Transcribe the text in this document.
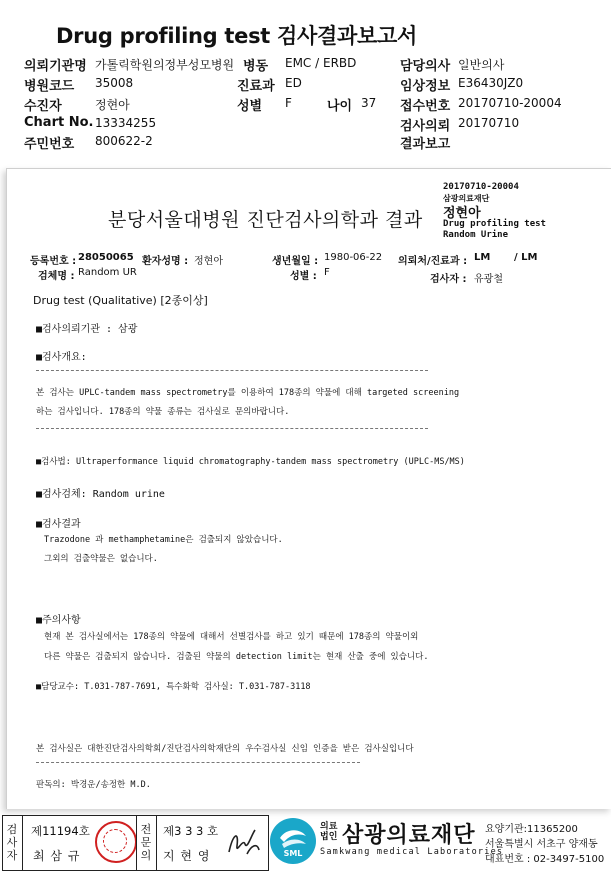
Drug profiling test 검사결과보고서
의뢰기관명 가톨릭학원의정부성모병원 병동 EMC / ERBD	담당의사 일반의사
병원코드 35008	진료과 ED	임상정보 E36430JZ0
수진자	정현아	성별 F	나이 37 접수번호 20170710-20004
Chart No. 13334255	검사의뢰 20170710
주민번호 800622-2	결과보고
20170710-20004
삼광의료재단
정현아
Drug profiling test
Random Urine
분당서울대병원 진단검사의학과 결과
등록번호 : 28050065 환자성명 : 정현아	생년월일 : 1980-06-22 의뢰처/진료과 : LM / LM
검체명 : Random UR	성별 : F
검사자 : 유광철
Drug test (Qualitative) [2종이상]
■검사의뢰기관 : 삼광
■검사개요:
본 검사는 UPLC-tandem mass spectrometry를 이용하여 178종의 약물에 대해 targeted screening
하는 검사입니다. 178종의 약물 종류는 검사실로 문의바랍니다.
■검사법: Ultraperformance liquid chromatography-tandem mass spectrometry (UPLC-MS/MS)
■검사검체: Random urine
■검사결과
Trazodone 과 methamphetamine은 검출되지 않았습니다.
그외의 검출약물은 없습니다.
■주의사항
현재 본 검사실에서는 178종의 약물에 대해서 선별검사를 하고 있기 때문에 178종의 약물이외
다른 약물은 검출되지 않습니다. 검출된 약물의 detection limit는 현재 산출 중에 있습니다.
■담당교수: T.031-787-7691, 특수화학 검사실: T.031-787-3118
본 검사실은 대한진단검사의학회/진단검사의학재단의 우수검사실 신임 인증을 받은 검사실입니다
판독의: 박경운/송정한 M.D.
검
사
자
제11194호
최 삼 규
전
문
의
제3 3 3 호
지 현 영	SML
의료
법인 삼광의료재단
Samkwang medical Laboratories
요양기관:11365200
서울특별시 서초구 양재동
대표번호 : 02-3497-5100
